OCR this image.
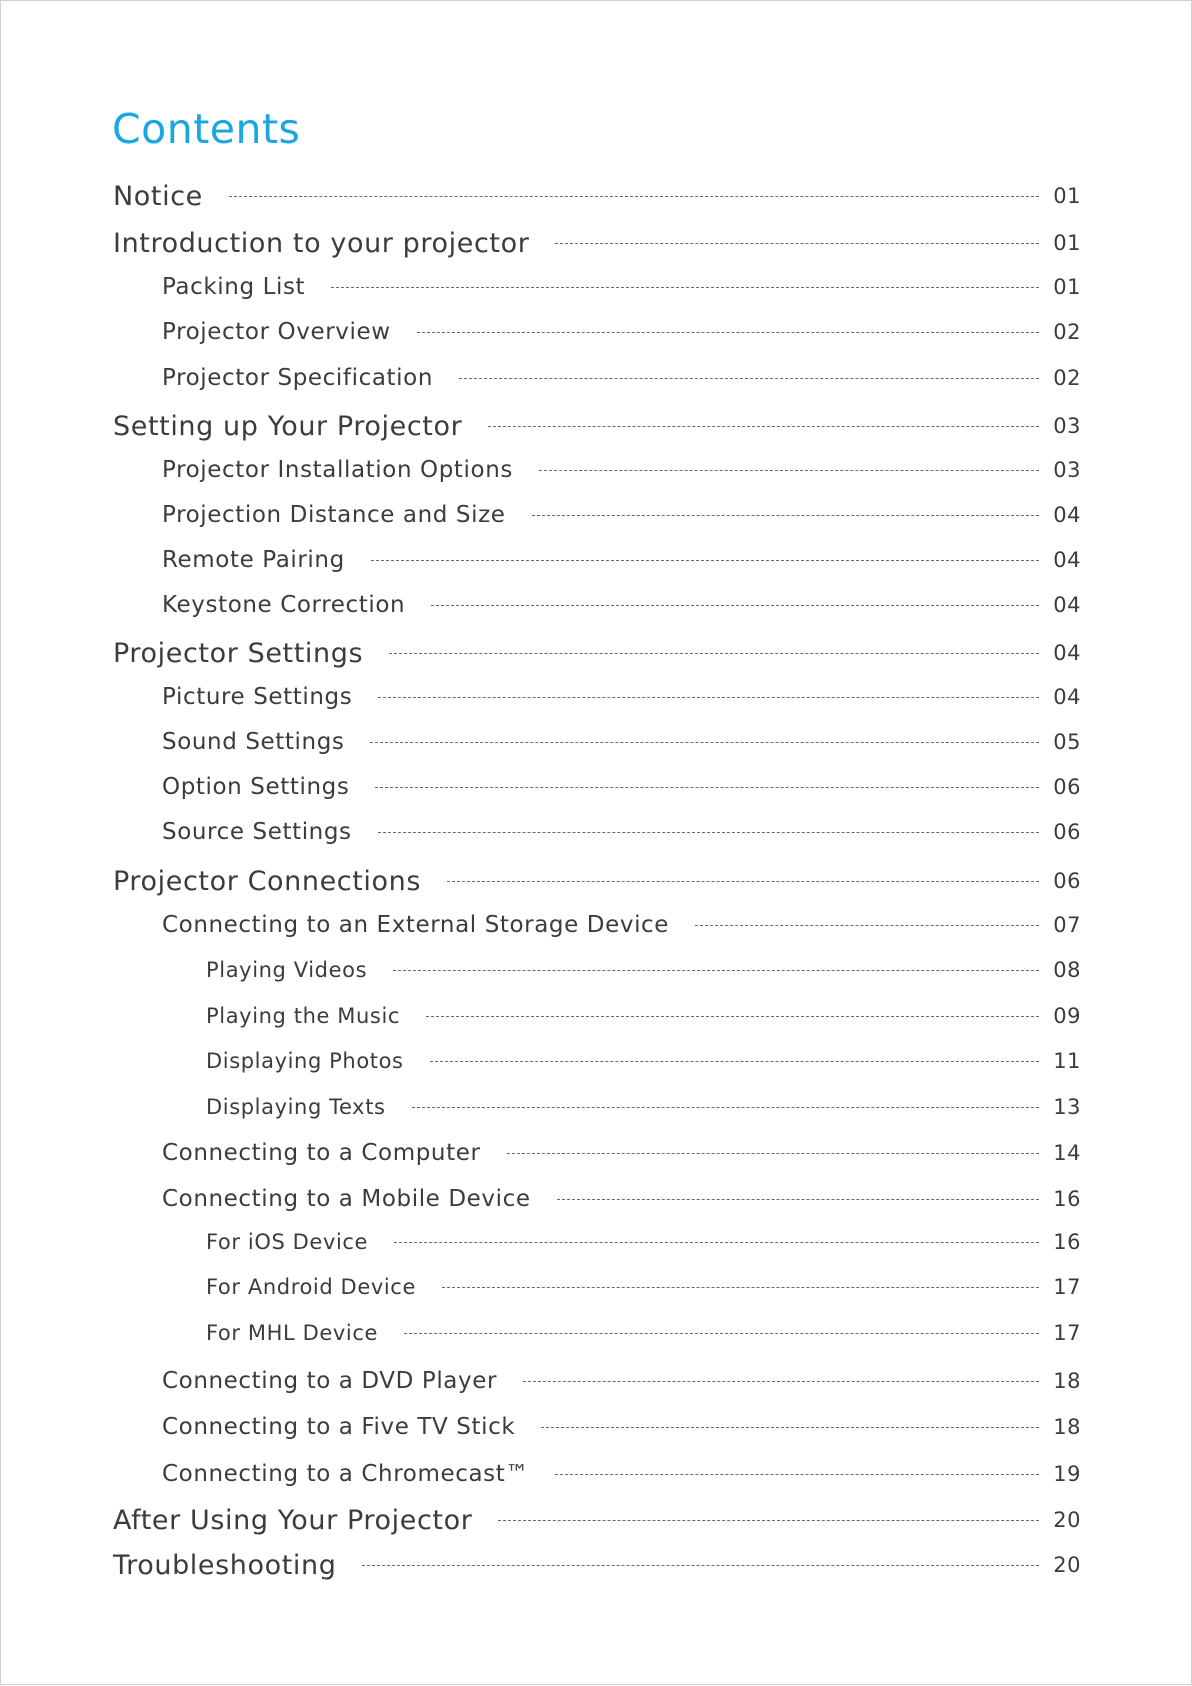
Contents
Notice	01
Introduction to your projector	01
Packing List	01
Projector Overview	02
Projector Specification	02
Setting up Your Projector	03
Projector Installation Options	03
Projection Distance and Size	04
Remote Pairing	04
Keystone Correction	04
Projector Settings	04
Picture Settings	04
Sound Settings	05
Option Settings	06
Source Settings	06
Projector Connections	06
Connecting to an External Storage Device	07
Playing Videos	08
Playing the Music	09
Displaying Photos	11
Displaying Texts	13
Connecting to a Computer	14
Connecting to a Mobile Device	16
For iOS Device	16
For Android Device	17
For MHL Device	17
Connecting to a DVD Player	18
Connecting to a Five TV Stick	18
Connecting to a Chromecast™	19
After Using Your Projector	20
Troubleshooting	20
